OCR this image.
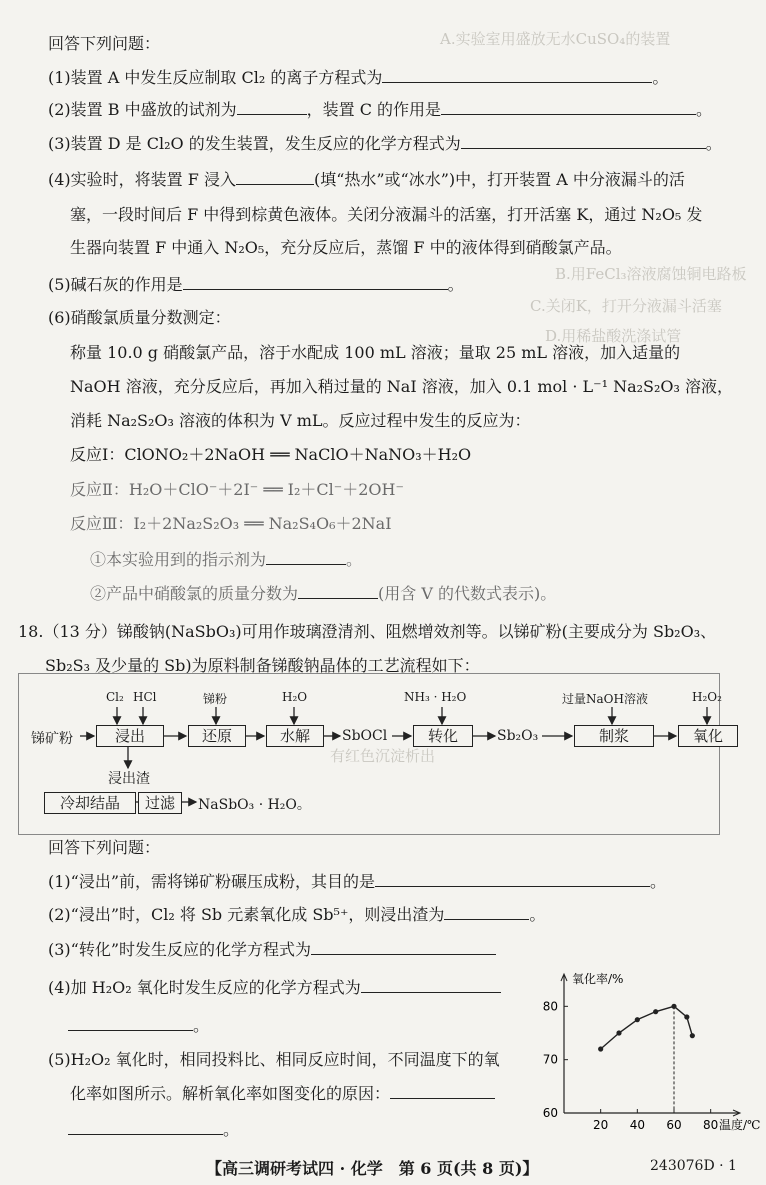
A.实验室用盛放无水CuSO₄的装置
B.用FeCl₃溶液腐蚀铜电路板
C.关闭K，打开分液漏斗活塞
D.用稀盐酸洗涤试管
有红色沉淀析出
回答下列问题：
(1)装置 A 中发生反应制取 Cl₂ 的离子方程式为	。
(2)装置 B 中盛放的试剂为	，装置 C 的作用是	。
(3)装置 D 是 Cl₂O 的发生装置，发生反应的化学方程式为	。
(4)实验时，将装置 F 浸入	(填“热水”或“冰水”)中，打开装置 A 中分液漏斗的活
塞，一段时间后 F 中得到棕黄色液体。关闭分液漏斗的活塞，打开活塞 K，通过 N₂O₅ 发
生器向装置 F 中通入 N₂O₅，充分反应后，蒸馏 F 中的液体得到硝酸氯产品。
(5)碱石灰的作用是	。
(6)硝酸氯质量分数测定：
称量 10.0 g 硝酸氯产品，溶于水配成 100 mL 溶液；量取 25 mL 溶液，加入适量的
NaOH 溶液，充分反应后，再加入稍过量的 NaI 溶液，加入 0.1 mol · L⁻¹ Na₂S₂O₃ 溶液，
消耗 Na₂S₂O₃ 溶液的体积为 V mL。反应过程中发生的反应为：
反应Ⅰ：ClONO₂＋2NaOH ══ NaClO＋NaNO₃＋H₂O
反应Ⅱ：H₂O＋ClO⁻＋2I⁻ ══ I₂＋Cl⁻＋2OH⁻
反应Ⅲ：I₂＋2Na₂S₂O₃ ══ Na₂S₄O₆＋2NaI
①本实验用到的指示剂为	。
②产品中硝酸氯的质量分数为	(用含 V 的代数式表示)。
18.（13 分）锑酸钠(NaSbO₃)可用作玻璃澄清剂、阻燃增效剂等。以锑矿粉(主要成分为 Sb₂O₃、
Sb₂S₃ 及少量的 Sb)为原料制备锑酸钠晶体的工艺流程如下：
锑矿粉	浸出	还原	水解	SbOCl	转化	Sb₂O₃	制浆	氧化
Cl₂ HCl	锑粉	H₂O	NH₃ · H₂O	过量NaOH溶液	H₂O₂
浸出渣
冷却结晶	过滤	NaSbO₃ · H₂O。
回答下列问题：
(1)“浸出”前，需将锑矿粉碾压成粉，其目的是	。
(2)“浸出”时，Cl₂ 将 Sb 元素氧化成 Sb⁵⁺，则浸出渣为	。
(3)“转化”时发生反应的化学方程式为
(4)加 H₂O₂ 氧化时发生反应的化学方程式为
。
(5)H₂O₂ 氧化时，相同投料比、相同反应时间，不同温度下的氧
化率如图所示。解析氧化率如图变化的原因：
。	20 40 60 80
60
70
80
氧化率/%
温度/℃
【高三调研考试四 · 化学　第 6 页(共 8 页)】	243076D · 1
